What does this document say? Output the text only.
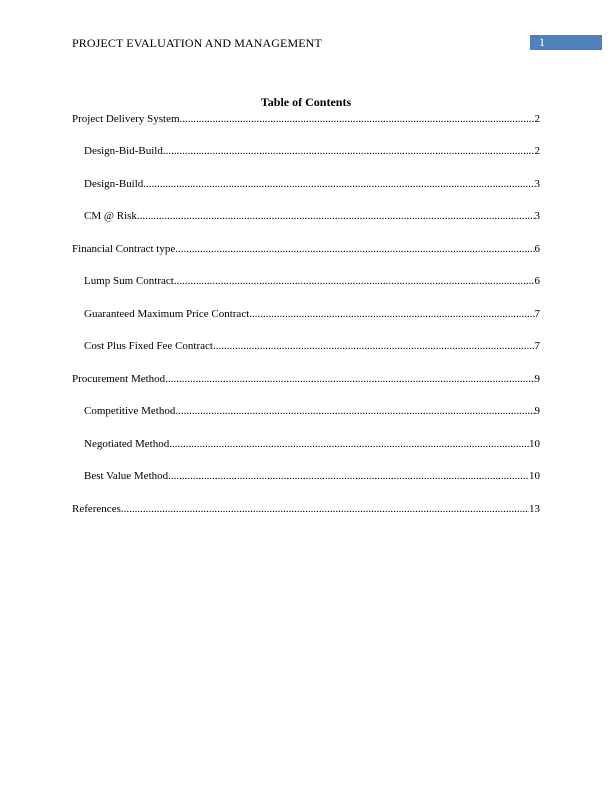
PROJECT EVALUATION AND MANAGEMENT	1
Table of Contents
Project Delivery System .....	2
Design-Bid-Build .....	2
Design-Build .....	3
CM @ Risk .....	3
Financial Contract type .....	6
Lump Sum Contract .....	6
Guaranteed Maximum Price Contract .....	7
Cost Plus Fixed Fee Contract .....	7
Procurement Method .....	9
Competitive Method .....	9
Negotiated Method .....	10
Best Value Method .....	10
References .....	13
